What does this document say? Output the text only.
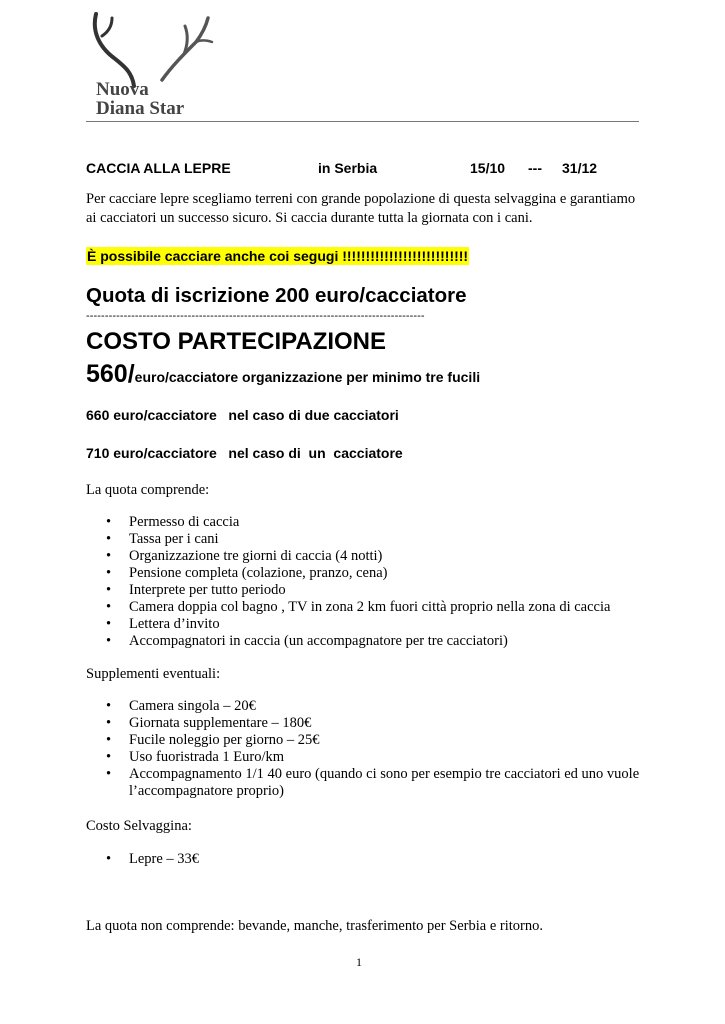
Nuova
Diana Star
CACCIA ALLA LEPRE	in Serbia	15/10 --- 31/12
Per cacciare lepre scegliamo terreni con grande popolazione di questa selvaggina e garantiamo ai cacciatori un successo sicuro. Si caccia durante tutta la giornata con i cani.
È possibile cacciare anche coi segugi !!!!!!!!!!!!!!!!!!!!!!!!!!!
Quota di iscrizione 200 euro/cacciatore
------------------------------------------------------------------------------------------
COSTO PARTECIPAZIONE
560/euro/cacciatore organizzazione per minimo tre fucili
660 euro/cacciatore   nel caso di due cacciatori
710 euro/cacciatore   nel caso di  un  cacciatore
La quota comprende:
• Permesso di caccia
• Tassa per i cani
• Organizzazione tre giorni di caccia (4 notti)
• Pensione completa (colazione, pranzo, cena)
• Interprete per tutto periodo
• Camera doppia col bagno , TV in zona 2 km fuori città proprio nella zona di caccia
• Lettera d’invito
• Accompagnatori in caccia (un accompagnatore per tre cacciatori)
Supplementi eventuali:
• Camera singola – 20€
• Giornata supplementare – 180€
• Fucile noleggio per giorno – 25€
• Uso fuoristrada 1 Euro/km
• Accompagnamento 1/1 40 euro (quando ci sono per esempio tre cacciatori ed uno vuole l’accompagnatore proprio)
Costo Selvaggina:
• Lepre – 33€
La quota non comprende: bevande, manche, trasferimento per Serbia e ritorno.
1
